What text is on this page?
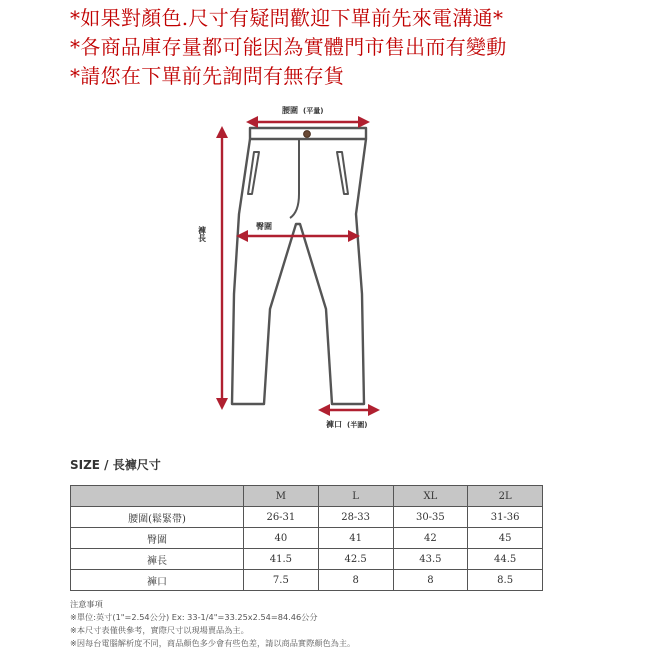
*如果對顏色.尺寸有疑問歡迎下單前先來電溝通*
*各商品庫存量都可能因為實體門市售出而有變動
*請您在下單前先詢問有無存貨
腰圍 (平量)
臀圍
褲口 (半圍)
褲長
SIZE / 長褲尺寸
	M	L	XL	2L
腰圍(鬆緊帶)	26-31	28-33	30-35	31-36
臀圍	40	41	42	45
褲長	41.5	42.5	43.5	44.5
褲口	7.5	8	8	8.5
注意事項
※單位:英寸(1"=2.54公分) Ex: 33-1/4"=33.25x2.54=84.46公分
※本尺寸表僅供參考，實際尺寸以現場賣品為主。
※因每台電腦解析度不同，商品顏色多少會有些色差，請以商品實際顏色為主。
